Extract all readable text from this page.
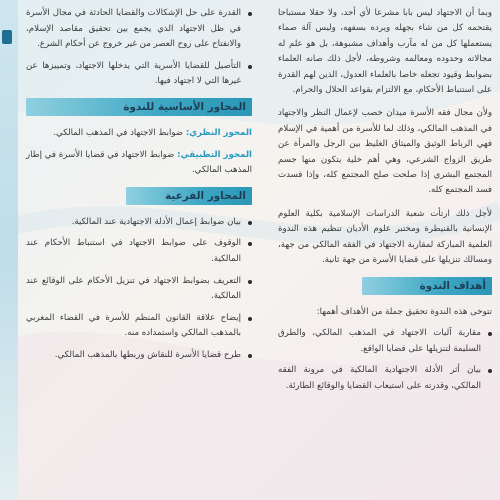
وبما أن الاجتهاد ليس بابا مشرعا لأي أحد، ولا حقلا مستباحا يقتحمه كل من شاء بجهله ويرده بسفهه، وليس آلة صماء يستعملها كل من له مآرب وأهداف مشبوهة، بل هو علم له مجالاته وحدوده ومعالمه وشروطه، لأجل ذلك صانه العلماء بضوابط وقيود تجعله خاصا بالعلماء العدول، الذين لهم القدرة على استنباط الأحكام، مع الالتزام بقواعد الحلال والحرام.

ولأن مجال فقه الأسرة ميدان خصب لإعمال النظر والاجتهاد في المذهب المالكي، وذلك لما للأسرة من أهمية في الإسلام فهي الرباط الوثيق والميثاق الغليظ بين الرجل والمرأة عن طريق الزواج الشرعي، وهي أهم خلية يتكون منها جسم المجتمع البشري إذا صلحت صلح المجتمع كله، وإذا فسدت فسد المجتمع كله.

لأجل ذلك ارتأت شعبة الدراسات الإسلامية بكلية العلوم الإنسانية بالقنيطرة ومختبر علوم الأديان تنظيم هذه الندوة العلمية المباركة لمقاربة الاجتهاد في الفقه المالكي من جهة، ومسالك تنزيلها على قضايا الأسرة من جهة ثانية.

أهداف الندوة

تتوخى هذه الندوة تحقيق جملة من الأهداف أهمها:

مقاربة آليات الاجتهاد في المذهب المالكي، والطرق السليمة لتنزيلها على قضايا الواقع.
بيان أثر الأدلة الاجتهادية المالكية في مرونة الفقه المالكي، وقدرته على استيعاب القضايا والوقائع الطارئة.
القدرة على حل الإشكالات والقضايا الحادثة في مجال الأسرة في ظل الاجتهاد الذي يجمع بين تحقيق مقاصد الإسلام، والانفتاح على روح العصر من غير خروج عن أحكام الشرع.
التأصيل للقضايا الأسرية التي يدخلها الاجتهاد، وتمييزها عن غيرها التي لا اجتهاد فيها.
المحاور الأساسية للندوة
المحور النظري: ضوابط الاجتهاد في المذهب المالكي.
المحور التطبيقي: ضوابط الاجتهاد في قضايا الأسرة في إطار المذهب المالكي.
المحاور الفرعية
بيان ضوابط إعمال الأدلة الاجتهادية عند المالكية.
الوقوف على ضوابط الاجتهاد في استنباط الأحكام عند المالكية.
التعريف بضوابط الاجتهاد في تنزيل الأحكام على الوقائع عند المالكية.
إيضاح علاقة القانون المنظم للأسرة في القضاء المغربي بالمذهب المالكي واستمداده منه.
طرح قضايا الأسرة للنقاش وربطها بالمذهب المالكي.
